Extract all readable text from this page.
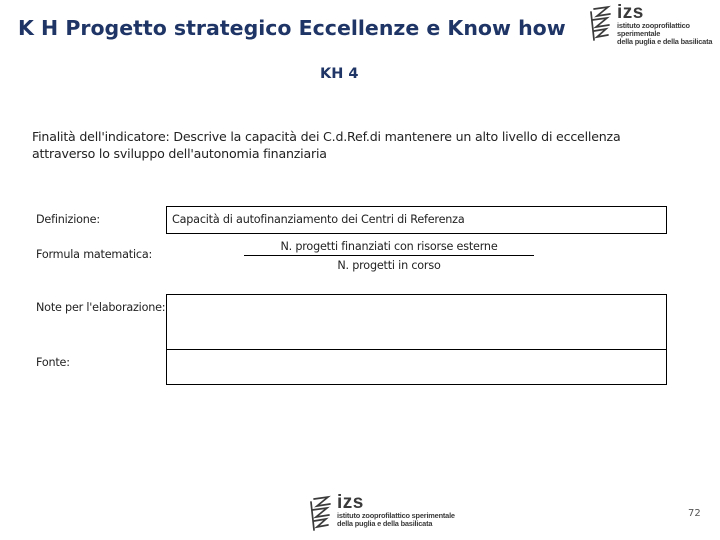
K H Progetto strategico Eccellenze e Know how
izs
istituto zooprofilattico sperimentale
della puglia e della basilicata
KH 4
Finalità dell'indicatore: Descrive la capacità dei C.d.Ref.di mantenere un alto livello di eccellenza attraverso lo sviluppo dell'autonomia finanziaria
Definizione:	Capacità di autofinanziamento dei Centri di Referenza
Formula matematica:	$\frac{\text{N. progetti finanziati con risorse esterne}}{\text{N. progetti in corso}}$

Note per l'elaborazione:	
Fonte:	
izs
istituto zooprofilattico sperimentale
della puglia e della basilicata
72
